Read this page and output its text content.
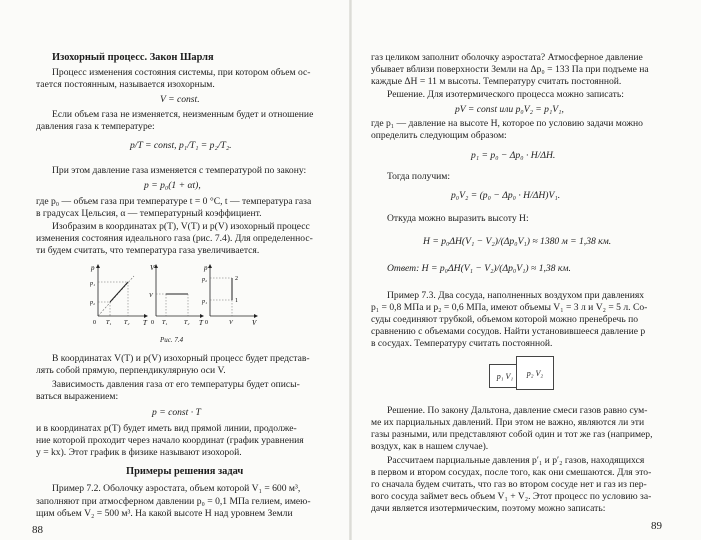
Изохорный процесс. Закон Шарля
Процесс изменения состояния системы, при котором объем ос-
тается постоянным, называется изохорным.
V = const.
Если объем газа не изменяется, неизменным будет и отношение
давления газа к температуре:
p/T = const, p₁/T₁ = p₂/T₂.
При этом давление газа изменяется с температурой по закону:
p = p₀(1 + αt),
где p₀ — объем газа при температуре t = 0 °C, t — температура газа
в градусах Цельсия, α — температурный коэффициент.
Изобразим в координатах p(T), V(T) и p(V) изохорный процесс
изменения состояния идеального газа (рис. 7.4). Для определеннос-
ти будем считать, что температура газа увеличивается.
p
T
p₁
p₂
T₁ T₂
0
V
T
V
T₁	T₂
0
p
V
p₂
p₁
V
2
1
0
Рис. 7.4
В координатах V(T) и p(V) изохорный процесс будет представ-
лять собой прямую, перпендикулярную оси V.
Зависимость давления газа от его температуры будет описы-
ваться выражением:
p = const · T
и в координатах p(T) будет иметь вид прямой линии, продолже-
ние которой проходит через начало координат (график уравнения
y = kx). Этот график в физике называют изохорой.
Примеры решения задач
Пример 7.2. Оболочку аэростата, объем которой V₁ = 600 м³,
заполняют при атмосферном давлении p₀ = 0,1 МПа гелием, имею-
щим объем V₂ = 500 м³. На какой высоте H над уровнем Земли
88
газ целиком заполнит оболочку аэростата? Атмосферное давление
убывает вблизи поверхности Земли на Δp₀ = 133 Па при подъеме на
каждые ΔH = 11 м высоты. Температуру считать постоянной.
Решение. Для изотермического процесса можно записать:
pV = const или p₀V₂ = p₁V₁,
где p₁ — давление на высоте H, которое по условию задачи можно
определить следующим образом:
p₁ = p₀ − Δp₀ · H/ΔH.
Тогда получим:
p₀V₂ = (p₀ − Δp₀ · H/ΔH)V₁.
Откуда можно выразить высоту H:
H = p₀ΔH(V₁ − V₂)/(Δp₀V₁) ≈ 1380 м = 1,38 км.
Ответ: H = p₀ΔH(V₁ − V₂)/(Δp₀V₁) ≈ 1,38 км.
Пример 7.3. Два сосуда, наполненных воздухом при давлениях
p₁ = 0,8 МПа и p₂ = 0,6 МПа, имеют объемы V₁ = 3 л и V₂ = 5 л. Со-
суды соединяют трубкой, объемом которой можно пренебречь по
сравнению с объемами сосудов. Найти установившееся давление p
в сосудах. Температуру считать постоянной.
p₁ V₁	p₂ V₂
Решение. По закону Дальтона, давление смеси газов равно сум-
ме их парциальных давлений. При этом не важно, являются ли эти
газы разными, или представляют собой один и тот же газ (например,
воздух, как в нашем случае).
Рассчитаем парциальные давления p′₁ и p′₂ газов, находящихся
в первом и втором сосудах, после того, как они смешаются. Для это-
го сначала будем считать, что газ во втором сосуде нет и газ из пер-
вого сосуда займет весь объем V₁ + V₂. Этот процесс по условию за-
дачи является изотермическим, поэтому можно записать:
89
